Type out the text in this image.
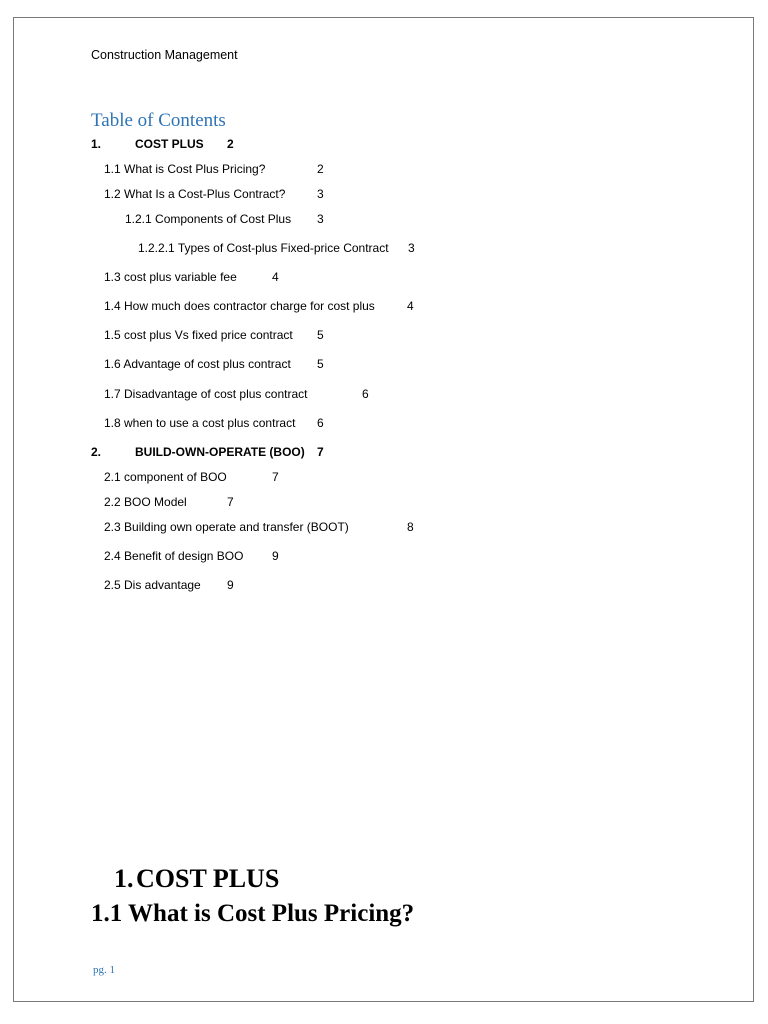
Construction Management
Table of Contents
1.	COST PLUS 2
1.1 What is Cost Plus Pricing?	2
1.2 What Is a Cost-Plus Contract?	3
1.2.1 Components of Cost Plus 3
1.2.2.1 Types of Cost-plus Fixed-price Contract 3
1.3 cost plus variable fee	4
1.4 How much does contractor charge for cost plus	4
1.5 cost plus Vs fixed price contract 5
1.6 Advantage of cost plus contract 5
1.7 Disadvantage of cost plus contract	6
1.8 when to use a cost plus contract 6
2.	BUILD-OWN-OPERATE (BOO) 7
2.1 component of BOO	7
2.2 BOO Model	7
2.3 Building own operate and transfer (BOOT)	8
2.4 Benefit of design BOO 9
2.5 Dis advantage 9
1.COST PLUS
1.1 What is Cost Plus Pricing?
pg. 1
